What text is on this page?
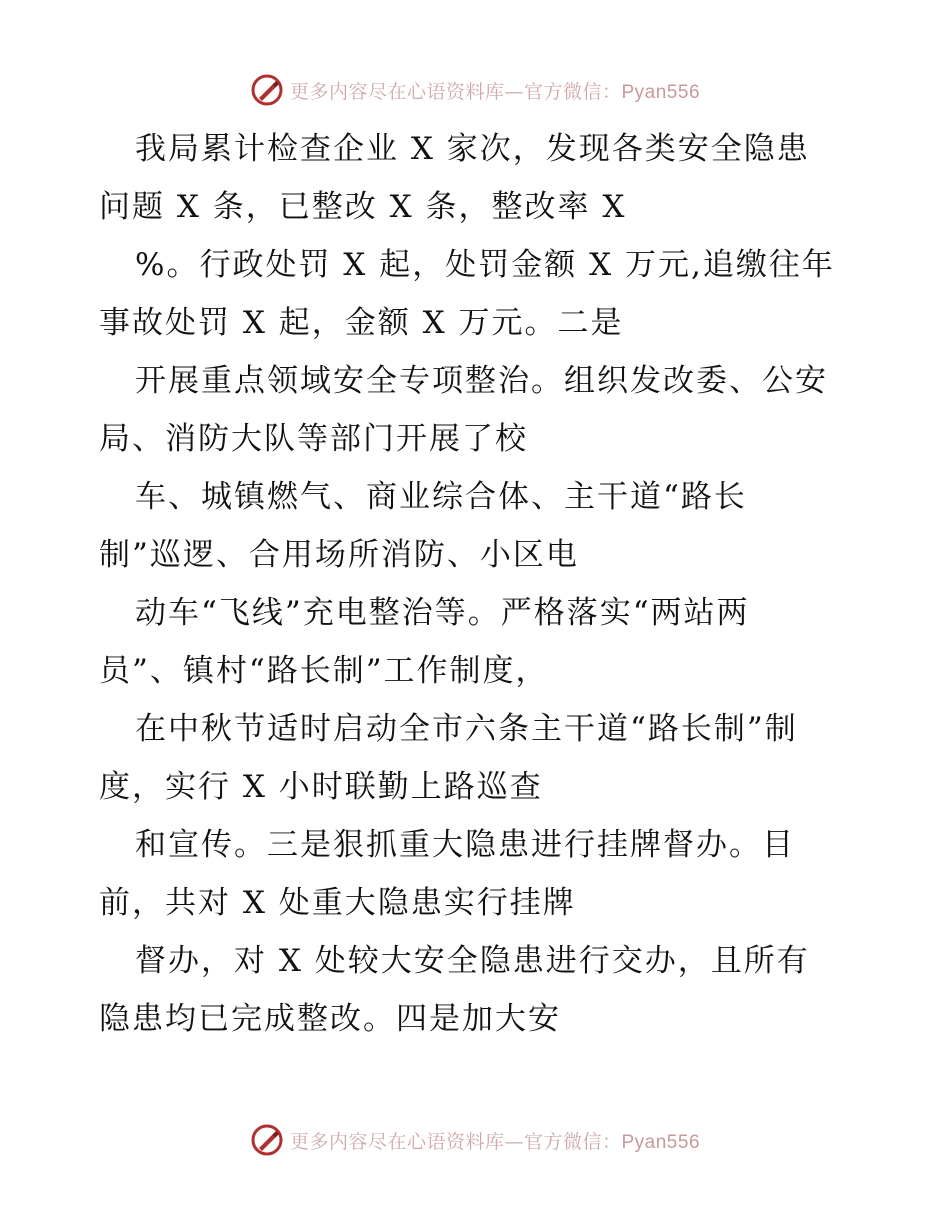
更多内容尽在心语资料库—官方微信：Pyan556
我局累计检查企业 X 家次，发现各类安全隐患
问题 X 条，已整改 X 条，整改率 X
%。行政处罚 X 起，处罚金额 X 万元,追缴往年
事故处罚 X 起，金额 X 万元。二是
开展重点领域安全专项整治。组织发改委、公安
局、消防大队等部门开展了校
车、城镇燃气、商业综合体、主干道“路长
制”巡逻、合用场所消防、小区电
动车“飞线”充电整治等。严格落实“两站两
员”、镇村“路长制”工作制度，
在中秋节适时启动全市六条主干道“路长制”制
度，实行 X 小时联勤上路巡查
和宣传。三是狠抓重大隐患进行挂牌督办。目
前，共对 X 处重大隐患实行挂牌
督办，对 X 处较大安全隐患进行交办，且所有
隐患均已完成整改。四是加大安
更多内容尽在心语资料库—官方微信：Pyan556
